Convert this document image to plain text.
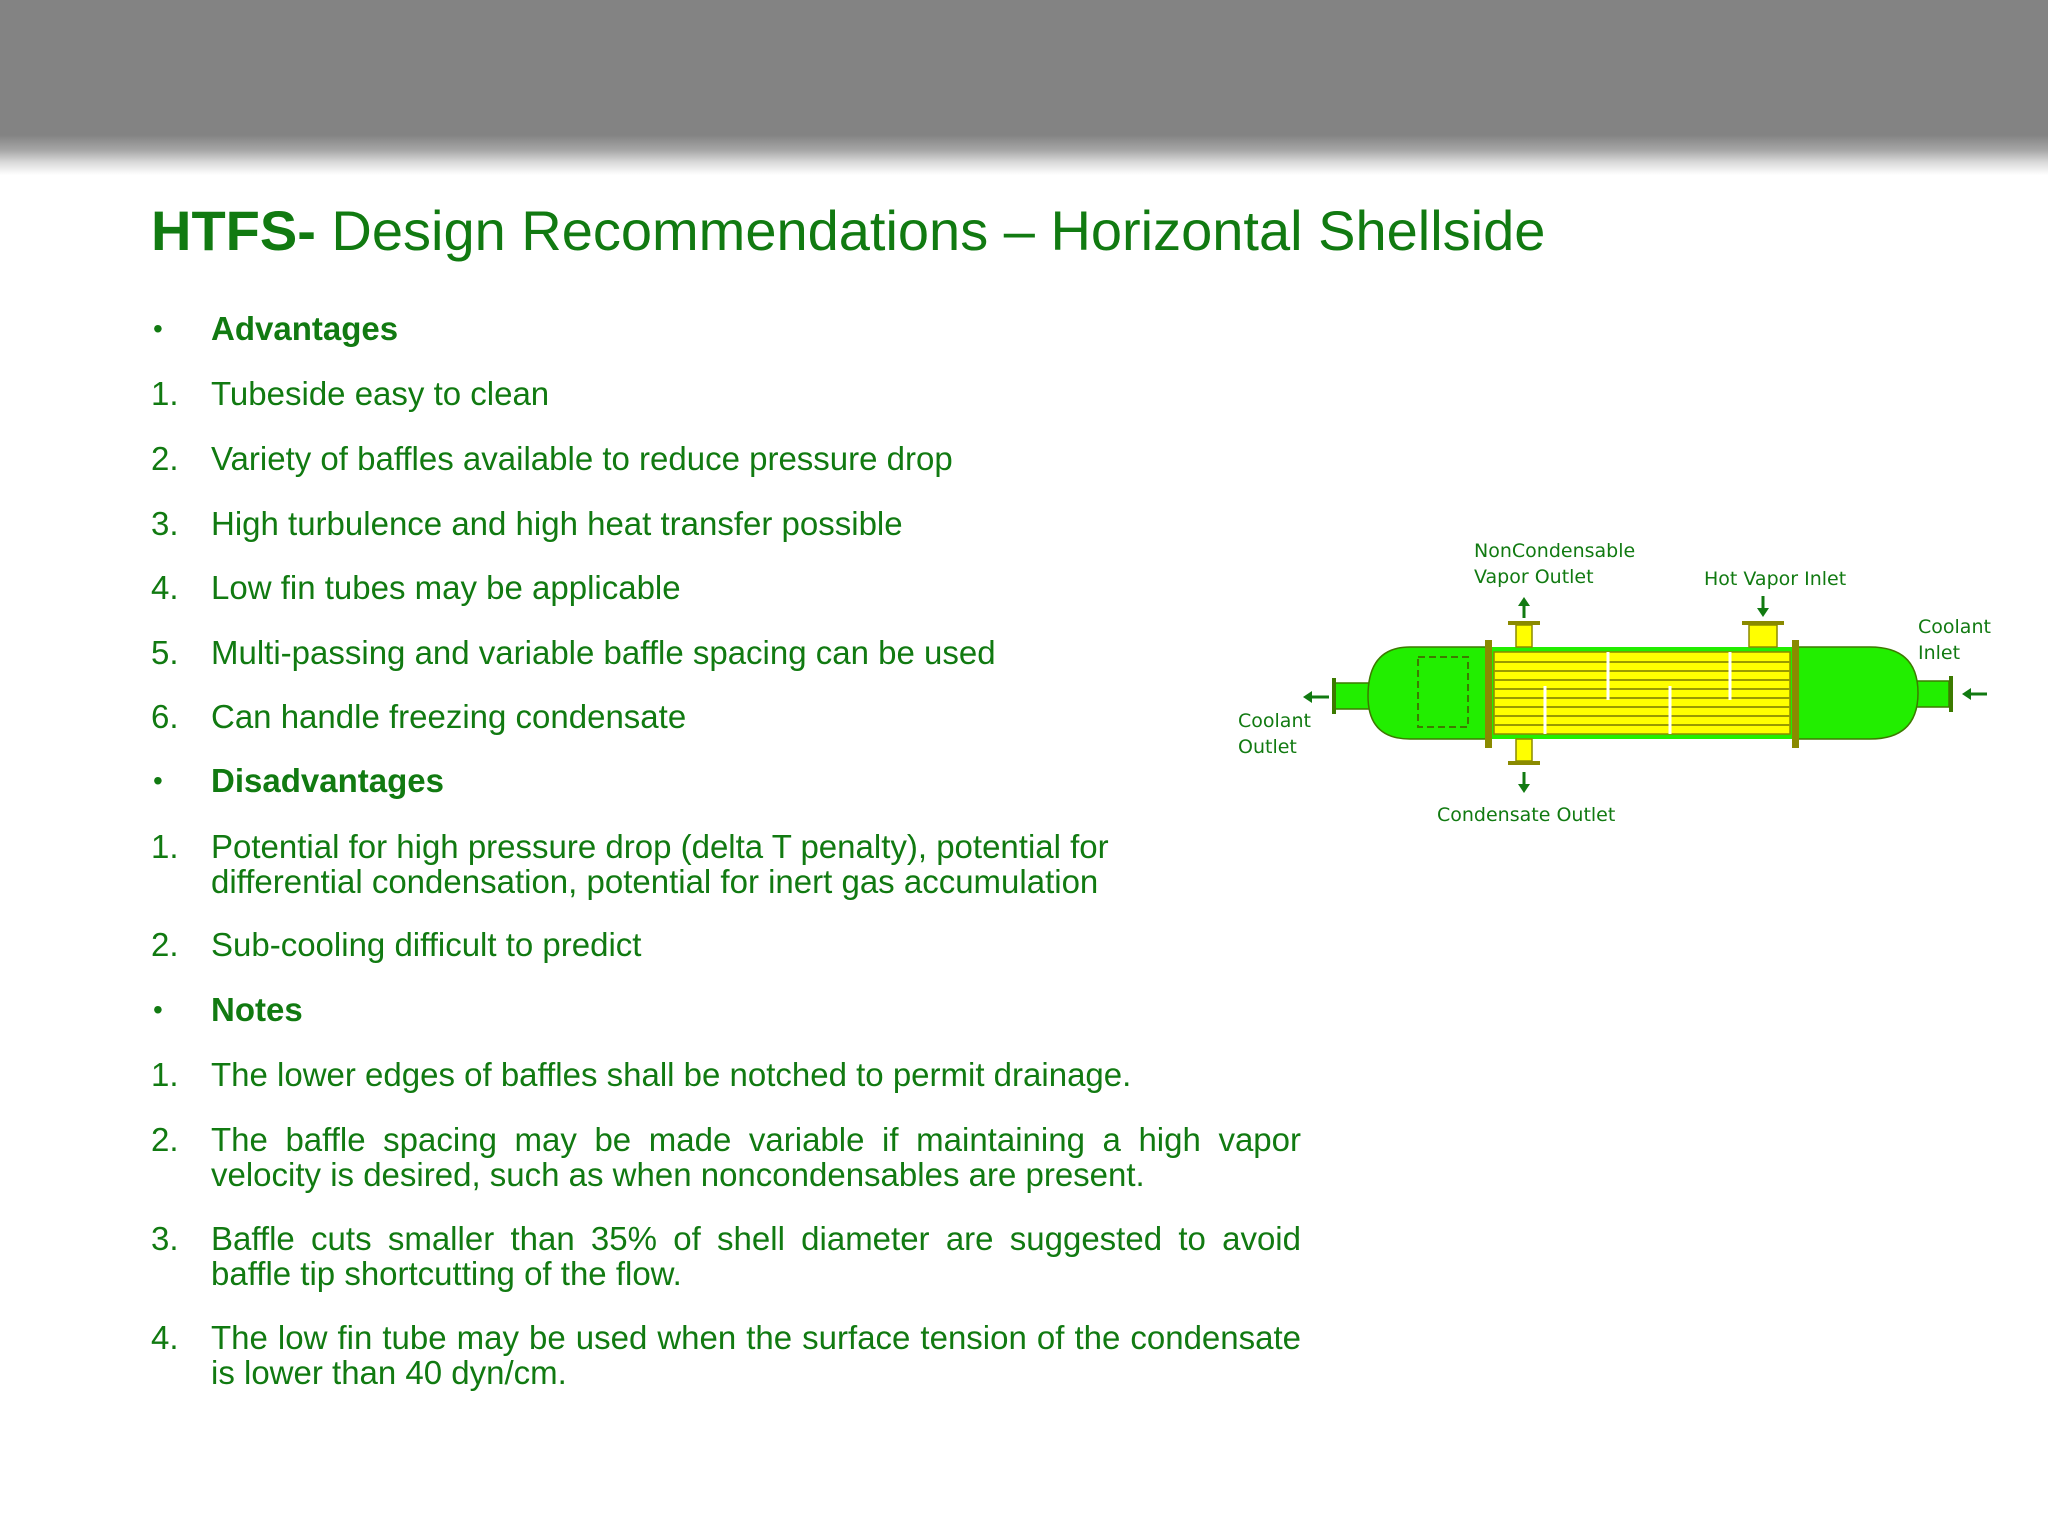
HTFS- Design Recommendations – Horizontal Shellside
• Advantages
1. Tubeside easy to clean
2. Variety of baffles available to reduce pressure drop
3. High turbulence and high heat transfer possible
4. Low fin tubes may be applicable
5. Multi-passing and variable baffle spacing can be used
6. Can handle freezing condensate
• Disadvantages
1. Potential for high pressure drop (delta T penalty), potential for differential condensation, potential for inert gas accumulation
2. Sub-cooling difficult to predict
• Notes
1. The lower edges of baffles shall be notched to permit drainage.
2. The baffle spacing may be made variable if maintaining a high vapor velocity is desired, such as when noncondensables are present.
3. Baffle cuts smaller than 35% of shell diameter are suggested to avoid baffle tip shortcutting of the flow.
4. The low fin tube may be used when the surface tension of the condensate is lower than 40 dyn/cm.
NonCondensable
Vapor Outlet	Hot Vapor Inlet
Coolant
Inlet
Coolant
Outlet
Condensate Outlet
